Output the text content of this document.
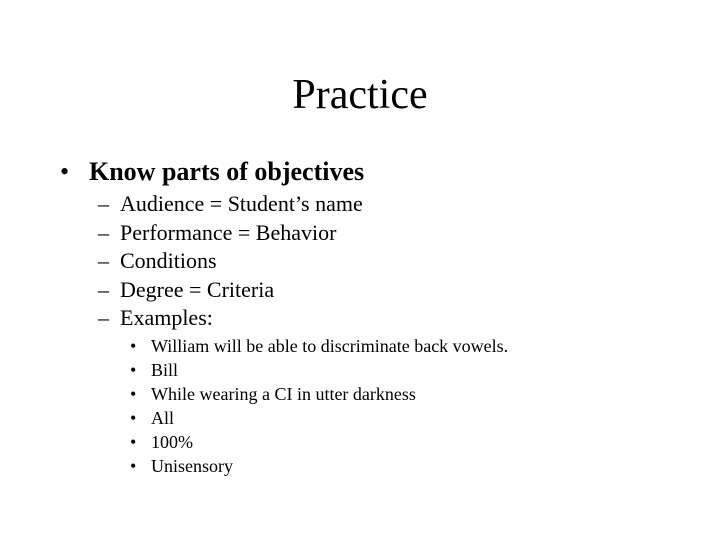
Practice
• Know parts of objectives
– Audience = Student’s name
– Performance = Behavior
– Conditions
– Degree = Criteria
– Examples:
• William will be able to discriminate back vowels.
• Bill
• While wearing a CI in utter darkness
• All
• 100%
• Unisensory
